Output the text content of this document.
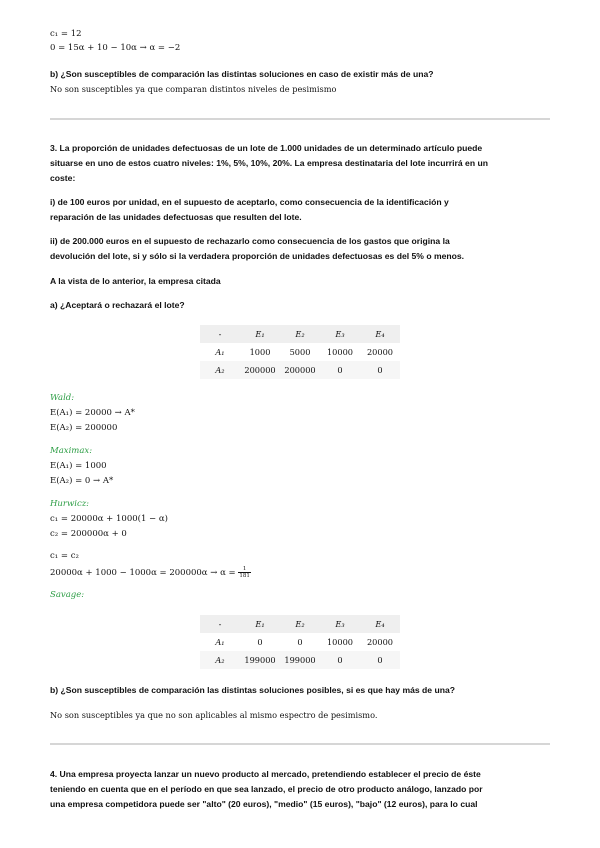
c₁ = 12
0 = 15α + 10 − 10α → α = −2
b) ¿Son susceptibles de comparación las distintas soluciones en caso de existir más de una?
No son susceptibles ya que comparan distintos niveles de pesimismo
3. La proporción de unidades defectuosas de un lote de 1.000 unidades de un determinado artículo puede
situarse en uno de estos cuatro niveles: 1%, 5%, 10%, 20%. La empresa destinataria del lote incurrirá en un
coste:
i) de 100 euros por unidad, en el supuesto de aceptarlo, como consecuencia de la identificación y
reparación de las unidades defectuosas que resulten del lote.
ii) de 200.000 euros en el supuesto de rechazarlo como consecuencia de los gastos que origina la
devolución del lote, si y sólo si la verdadera proporción de unidades defectuosas es del 5% o menos.
A la vista de lo anterior, la empresa citada
a) ¿Aceptará o rechazará el lote?
-	E₁	E₂	E₃	E₄
A₁	1000	5000	10000	20000
A₂	200000	200000	0	0
Wald:
E(A₁) = 20000 → A*
E(A₂) = 200000
Maximax:
E(A₁) = 1000
E(A₂) = 0 → A*
Hurwicz:
c₁ = 20000α + 1000(1 − α)
c₂ = 200000α + 0
c₁ = c₂
$20000\alpha + 1000 - 1000\alpha = 200000\alpha \to \alpha = \frac{1}{181}$
Savage:
-	E₁	E₂	E₃	E₄
A₁	0	0	10000	20000
A₂	199000	199000	0	0
b) ¿Son susceptibles de comparación las distintas soluciones posibles, si es que hay más de una?
No son susceptibles ya que no son aplicables al mismo espectro de pesimismo.
4. Una empresa proyecta lanzar un nuevo producto al mercado, pretendiendo establecer el precio de éste
teniendo en cuenta que en el período en que sea lanzado, el precio de otro producto análogo, lanzado por
una empresa competidora puede ser "alto" (20 euros), "medio" (15 euros), "bajo" (12 euros), para lo cual
